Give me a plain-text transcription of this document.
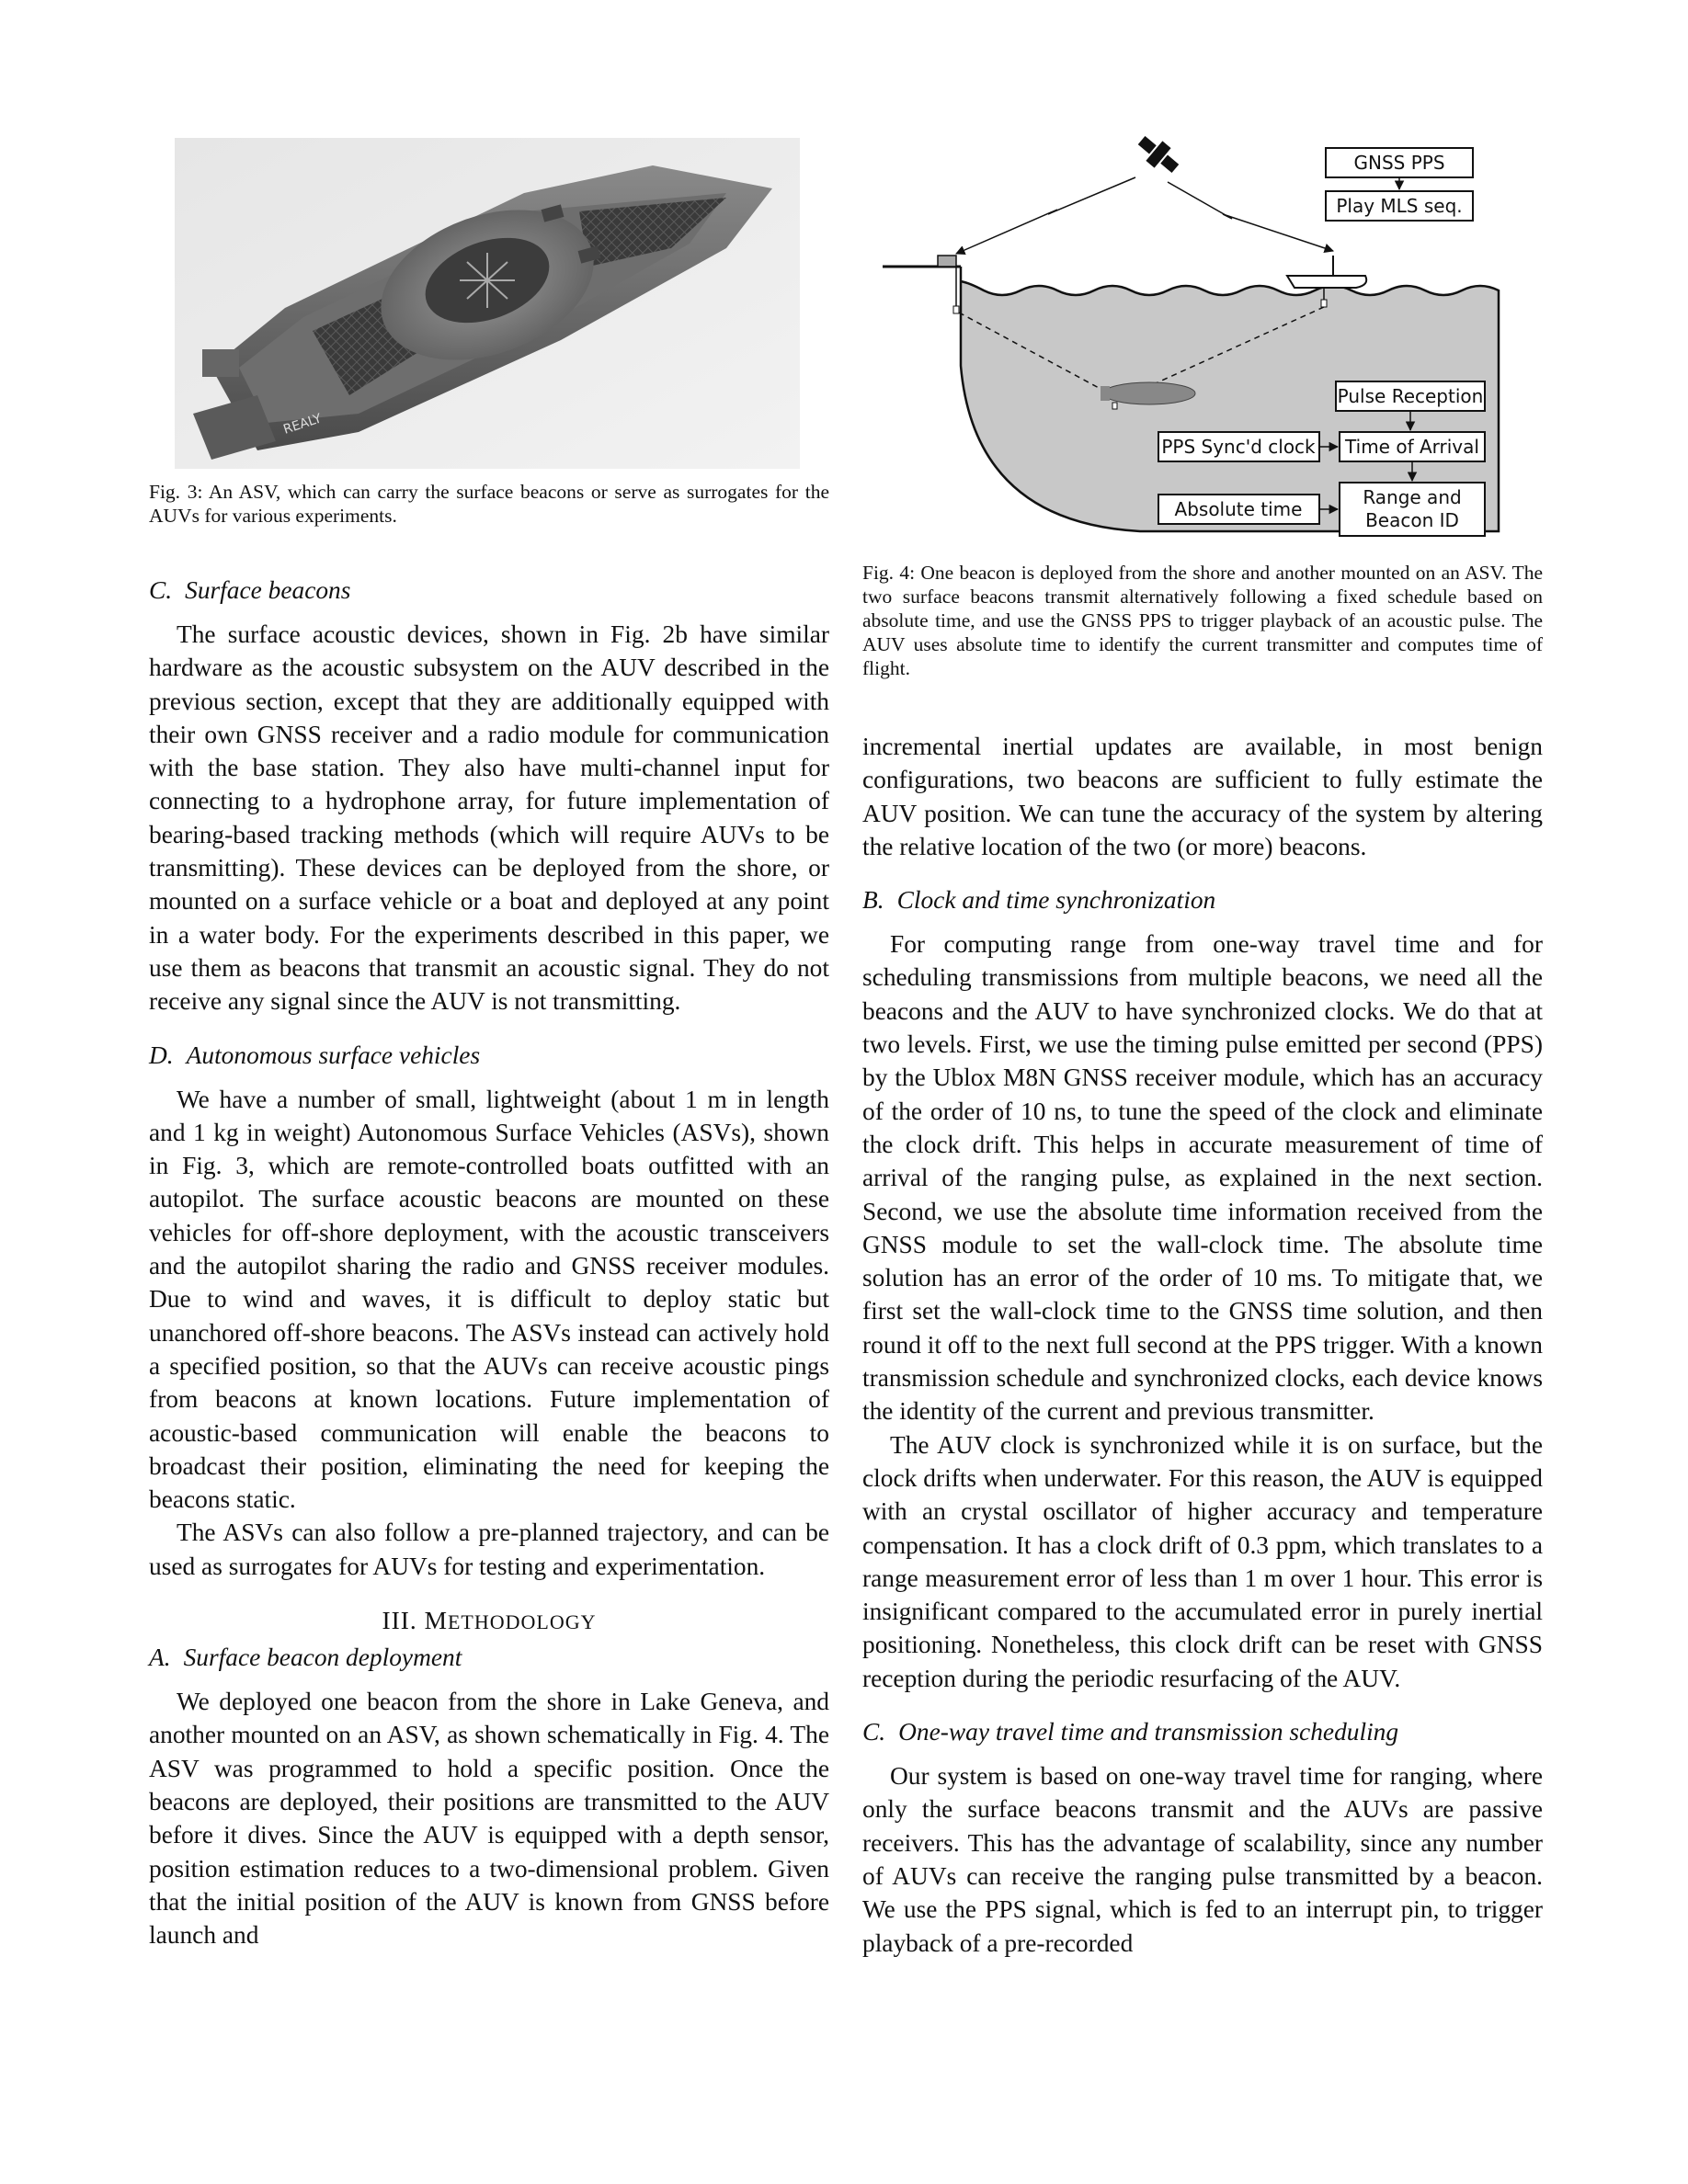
REALY
Fig. 3: An ASV, which can carry the surface beacons or serve as surrogates for the AUVs for various experiments.

C. Surface beacons

The surface acoustic devices, shown in Fig. 2b have similar hardware as the acoustic subsystem on the AUV described in the previous section, except that they are additionally equipped with their own GNSS receiver and a radio module for communication with the base station. They also have multi-channel input for connecting to a hydrophone array, for future implementation of bearing-based tracking methods (which will require AUVs to be transmitting). These devices can be deployed from the shore, or mounted on a surface vehicle or a boat and deployed at any point in a water body. For the experiments described in this paper, we use them as beacons that transmit an acoustic signal. They do not receive any signal since the AUV is not transmitting.

D. Autonomous surface vehicles

We have a number of small, lightweight (about 1 m in length and 1 kg in weight) Autonomous Surface Vehicles (ASVs), shown in Fig. 3, which are remote-controlled boats outfitted with an autopilot. The surface acoustic beacons are mounted on these vehicles for off-shore deployment, with the acoustic transceivers and the autopilot sharing the radio and GNSS receiver modules. Due to wind and waves, it is difficult to deploy static but unanchored off-shore beacons. The ASVs instead can actively hold a specified position, so that the AUVs can receive acoustic pings from beacons at known locations. Future implementation of acoustic-based communication will enable the beacons to broadcast their position, eliminating the need for keeping the beacons static.

The ASVs can also follow a pre-planned trajectory, and can be used as surrogates for AUVs for testing and experimentation.

III. METHODOLOGY

A. Surface beacon deployment

We deployed one beacon from the shore in Lake Geneva, and another mounted on an ASV, as shown schematically in Fig. 4. The ASV was programmed to hold a specific position. Once the beacons are deployed, their positions are transmitted to the AUV before it dives. Since the AUV is equipped with a depth sensor, position estimation reduces to a two-dimensional problem. Given that the initial position of the AUV is known from GNSS before launch and

GNSS PPS
Play MLS seq.
Pulse Reception
PPS Sync'd clock Time of Arrival
Absolute time
Range and
Beacon ID
Fig. 4: One beacon is deployed from the shore and another mounted on an ASV. The two surface beacons transmit alternatively following a fixed schedule based on absolute time, and use the GNSS PPS to trigger playback of an acoustic pulse. The AUV uses absolute time to identify the current transmitter and computes time of flight.

incremental inertial updates are available, in most benign configurations, two beacons are sufficient to fully estimate the AUV position. We can tune the accuracy of the system by altering the relative location of the two (or more) beacons.

B. Clock and time synchronization

For computing range from one-way travel time and for scheduling transmissions from multiple beacons, we need all the beacons and the AUV to have synchronized clocks. We do that at two levels. First, we use the timing pulse emitted per second (PPS) by the Ublox M8N GNSS receiver module, which has an accuracy of the order of 10 ns, to tune the speed of the clock and eliminate the clock drift. This helps in accurate measurement of time of arrival of the ranging pulse, as explained in the next section. Second, we use the absolute time information received from the GNSS module to set the wall-clock time. The absolute time solution has an error of the order of 10 ms. To mitigate that, we first set the wall-clock time to the GNSS time solution, and then round it off to the next full second at the PPS trigger. With a known transmission schedule and synchronized clocks, each device knows the identity of the current and previous transmitter.

The AUV clock is synchronized while it is on surface, but the clock drifts when underwater. For this reason, the AUV is equipped with an crystal oscillator of higher accuracy and temperature compensation. It has a clock drift of 0.3 ppm, which translates to a range measurement error of less than 1 m over 1 hour. This error is insignificant compared to the accumulated error in purely inertial positioning. Nonetheless, this clock drift can be reset with GNSS reception during the periodic resurfacing of the AUV.

C. One-way travel time and transmission scheduling

Our system is based on one-way travel time for ranging, where only the surface beacons transmit and the AUVs are passive receivers. This has the advantage of scalability, since any number of AUVs can receive the ranging pulse transmitted by a beacon. We use the PPS signal, which is fed to an interrupt pin, to trigger playback of a pre-recorded
